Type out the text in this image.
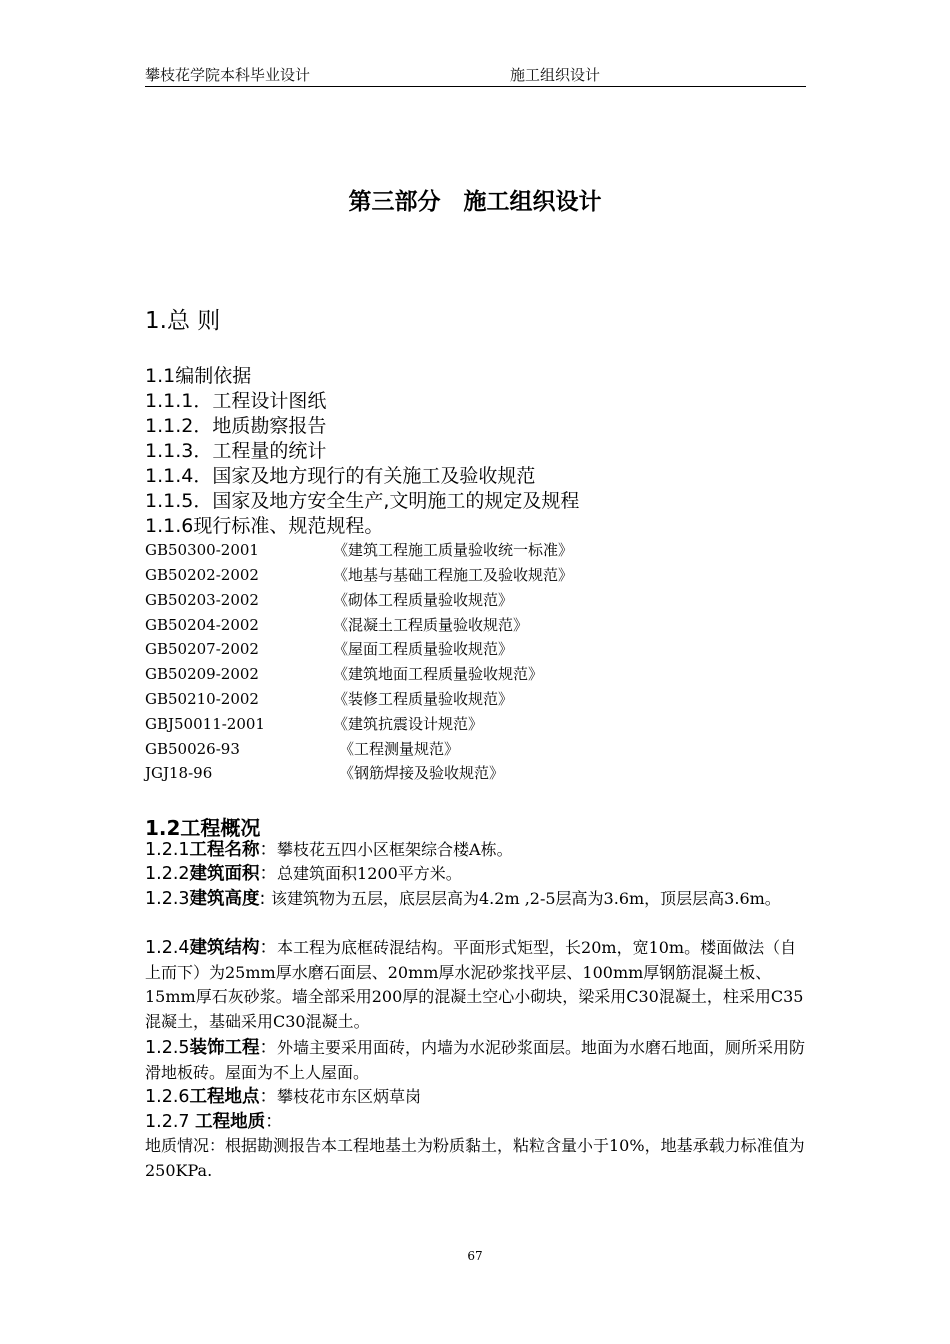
攀枝花学院本科毕业设计	施工组织设计
第三部分　施工组织设计
1.总 则
1.1编制依据
1.1.1．工程设计图纸
1.1.2．地质勘察报告
1.1.3．工程量的统计
1.1.4．国家及地方现行的有关施工及验收规范
1.1.5．国家及地方安全生产,文明施工的规定及规程
1.1.6现行标准、规范规程。
GB50300-2001	《建筑工程施工质量验收统一标准》
GB50202-2002	《地基与基础工程施工及验收规范》
GB50203-2002	《砌体工程质量验收规范》
GB50204-2002	《混凝土工程质量验收规范》
GB50207-2002	《屋面工程质量验收规范》
GB50209-2002	《建筑地面工程质量验收规范》
GB50210-2002	《装修工程质量验收规范》
GBJ50011-2001	《建筑抗震设计规范》
GB50026-93	《工程测量规范》
JGJ18-96	《钢筋焊接及验收规范》
1.2工程概况
1.2.1工程名称：攀枝花五四小区框架综合楼A栋。
1.2.2建筑面积：总建筑面积1200平方米。
1.2.3建筑高度: 该建筑物为五层，底层层高为4.2m ,2-5层高为3.6m，顶层层高3.6m。
1.2.4建筑结构：本工程为底框砖混结构。平面形式矩型，长20m，宽10m。楼面做法（自上而下）为25mm厚水磨石面层、20mm厚水泥砂浆找平层、100mm厚钢筋混凝土板、15mm厚石灰砂浆。墙全部采用200厚的混凝土空心小砌块，梁采用C30混凝土，柱采用C35混凝土，基础采用C30混凝土。
1.2.5装饰工程：外墙主要采用面砖，内墙为水泥砂浆面层。地面为水磨石地面，厕所采用防滑地板砖。屋面为不上人屋面。
1.2.6工程地点：攀枝花市东区炳草岗
1.2.7 工程地质：
地质情况：根据勘测报告本工程地基土为粉质黏土，粘粒含量小于10%，地基承载力标准值为250KPa.
67
